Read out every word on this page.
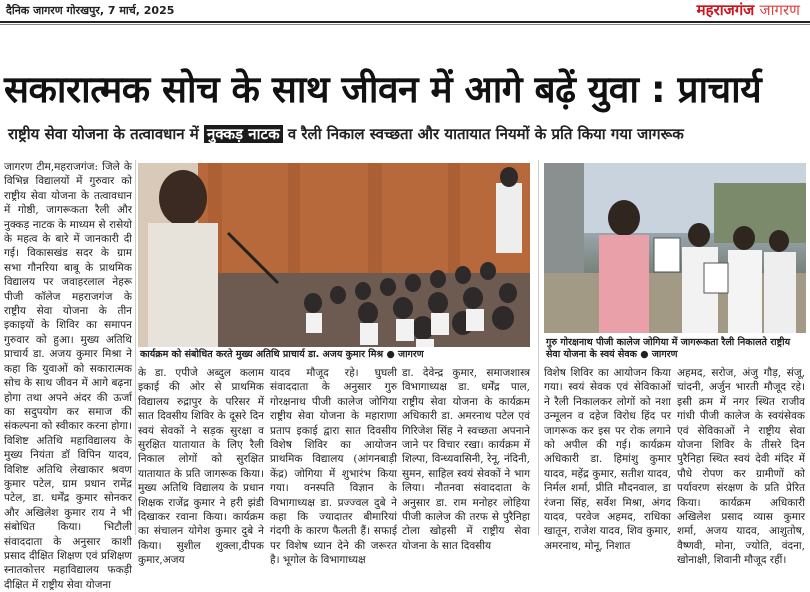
दैनिक जागरण गोरखपुर, 7 मार्च, 2025	महराजगंज जागरण
सकारात्मक सोच के साथ जीवन में आगे बढ़ें युवा : प्राचार्य
राष्ट्रीय सेवा योजना के तत्वावधान में नुक्कड़ नाटक व रैली निकाल स्वच्छता और यातायात नियमों के प्रति किया गया जागरूक

जागरण टीम,महराजगंज: जिले के विभिन्न विद्यालयों में गुरुवार को राष्ट्रीय सेवा योजना के तत्वावधान में गोष्ठी, जागरूकता रैली और नुक्कड़ नाटक के माध्यम से रासेयो के महत्व के बारे में जानकारी दी गई। विकासखंड सदर के ग्राम सभा गौनरिया बाबू के प्राथमिक विद्यालय पर जवाहरलाल नेहरू पीजी कॉलेज महराजगंज के राष्ट्रीय सेवा योजना के तीन इकाइयों के शिविर का समापन गुरुवार को हुआ। मुख्य अतिथि प्राचार्य डा. अजय कुमार मिश्रा ने कहा कि युवाओं को सकारात्मक सोच के साथ जीवन में आगे बढ़ना होगा तथा अपने अंदर की ऊर्जा का सदुपयोग कर समाज की संकल्पना को स्वीकार करना होगा। विशिष्ट अतिथि महाविद्यालय के मुख्य नियंता डॉ विपिन यादव, विशिष्ट अतिथि लेखाकार श्रवण कुमार पटेल, ग्राम प्रधान रामेंद्र पटेल, डा. धर्मेंद्र कुमार सोनकर और अखिलेश कुमार राय ने भी संबोधित किया। भिटौली संवाददाता के अनुसार काशी प्रसाद दीक्षित शिक्षण एवं प्रशिक्षण स्नातकोत्तर महाविद्यालय फकड़ी दीक्षित में राष्ट्रीय सेवा योजना

कार्यक्रम को संबोधित करते मुख्य अतिथि प्राचार्य डा. अजय कुमार मिश्र ● जागरण
गुरु गोरक्षनाथ पीजी कालेज जोगिया में जागरूकता रैली निकालते राष्ट्रीय सेवा योजना के स्वयं सेवक ● जागरण

के डा. एपीजे अब्दुल कलाम इकाई की ओर से प्राथमिक विद्यालय रुद्रापुर के परिसर में सात दिवसीय शिविर के दूसरे दिन स्वयं सेवकों ने सड़क सुरक्षा व सुरक्षित यातायात के लिए रैली निकाल लोगों को सुरक्षित यातायात के प्रति जागरूक किया। मुख्य अतिथि विद्यालय के प्रधान शिक्षक राजेंद्र कुमार ने हरी झंडी दिखाकर रवाना किया। कार्यक्रम का संचालन योगेश कुमार दुबे ने किया। सुशील शुक्ला,दीपक कुमार,अजय

यादव मौजूद रहे। घुघली संवाददाता के अनुसार गुरु गोरक्षनाथ पीजी कालेज जोगिया राष्ट्रीय सेवा योजना के महाराणा प्रताप इकाई द्वारा सात दिवसीय विशेष शिविर का आयोजन प्राथमिक विद्यालय (आंगनबाड़ी केंद्र) जोगिया में शुभारंभ किया गया। वनस्पति विज्ञान के विभागाध्यक्ष डा. प्रज्ज्वल दुबे ने कहा कि ज्यादातर बीमारियां गंदगी के कारण फैलती हैं। सफाई पर विशेष ध्यान देने की जरूरत है। भूगोल के विभागाध्यक्ष

डा. देवेन्द्र कुमार, समाजशास्त्र विभागाध्यक्ष डा. धर्मेंद्र पाल, राष्ट्रीय सेवा योजना के कार्यक्रम अधिकारी डा. अमरनाथ पटेल एवं गिरिजेश सिंह ने स्वच्छता अपनाने जाने पर विचार रखा। कार्यक्रम में शिल्पा, विन्ध्यवासिनी, रेनू, नंदिनी, सुमन, साहिल स्वयं सेवकों ने भाग लिया। नौतनवा संवाददाता के अनुसार डा. राम मनोहर लोहिया पीजी कालेज की तरफ से पुरैनिहा टोला खोहसी में राष्ट्रीय सेवा योजना के सात दिवसीय

विशेष शिविर का आयोजन किया गया। स्वयं सेवक एवं सेविकाओं ने रैली निकालकर लोगों को नशा उन्मूलन व दहेज विरोध हिंद पर जागरूक कर इस पर रोक लगाने को अपील की गई। कार्यक्रम अधिकारी डा. हिमांशु कुमार यादव, महेंद्र कुमार, सतीश यादव, निर्मल शर्मा, प्रीति मौदनवाल, डा रंजना सिंह, सर्वेश मिश्रा, अंगद यादव, परवेज अहमद, राधिका खातून, राजेश यादव, शिव कुमार, अमरनाथ, मोनू, निशात

अहमद, सरोज, अंजु गौड़, संजू, चांदनी, अर्जुन भारती मौजूद रहे। इसी क्रम में नगर स्थित राजीव गांधी पीजी कालेज के स्वयंसेवक एवं सेविकाओं ने राष्ट्रीय सेवा योजना शिविर के तीसरे दिन पुरैनिहा स्थित स्वयं देवी मंदिर में पौधे रोपण कर ग्रामीणों को पर्यावरण संरक्षण के प्रति प्रेरित किया। कार्यक्रम अधिकारी अखिलेश प्रसाद व्यास कुमार शर्मा, अजय यादव, आशुतोष, वैष्णवी, मोना, ज्योति, वंदना, खोनाक्षी, शिवानी मौजूद रहीं।
